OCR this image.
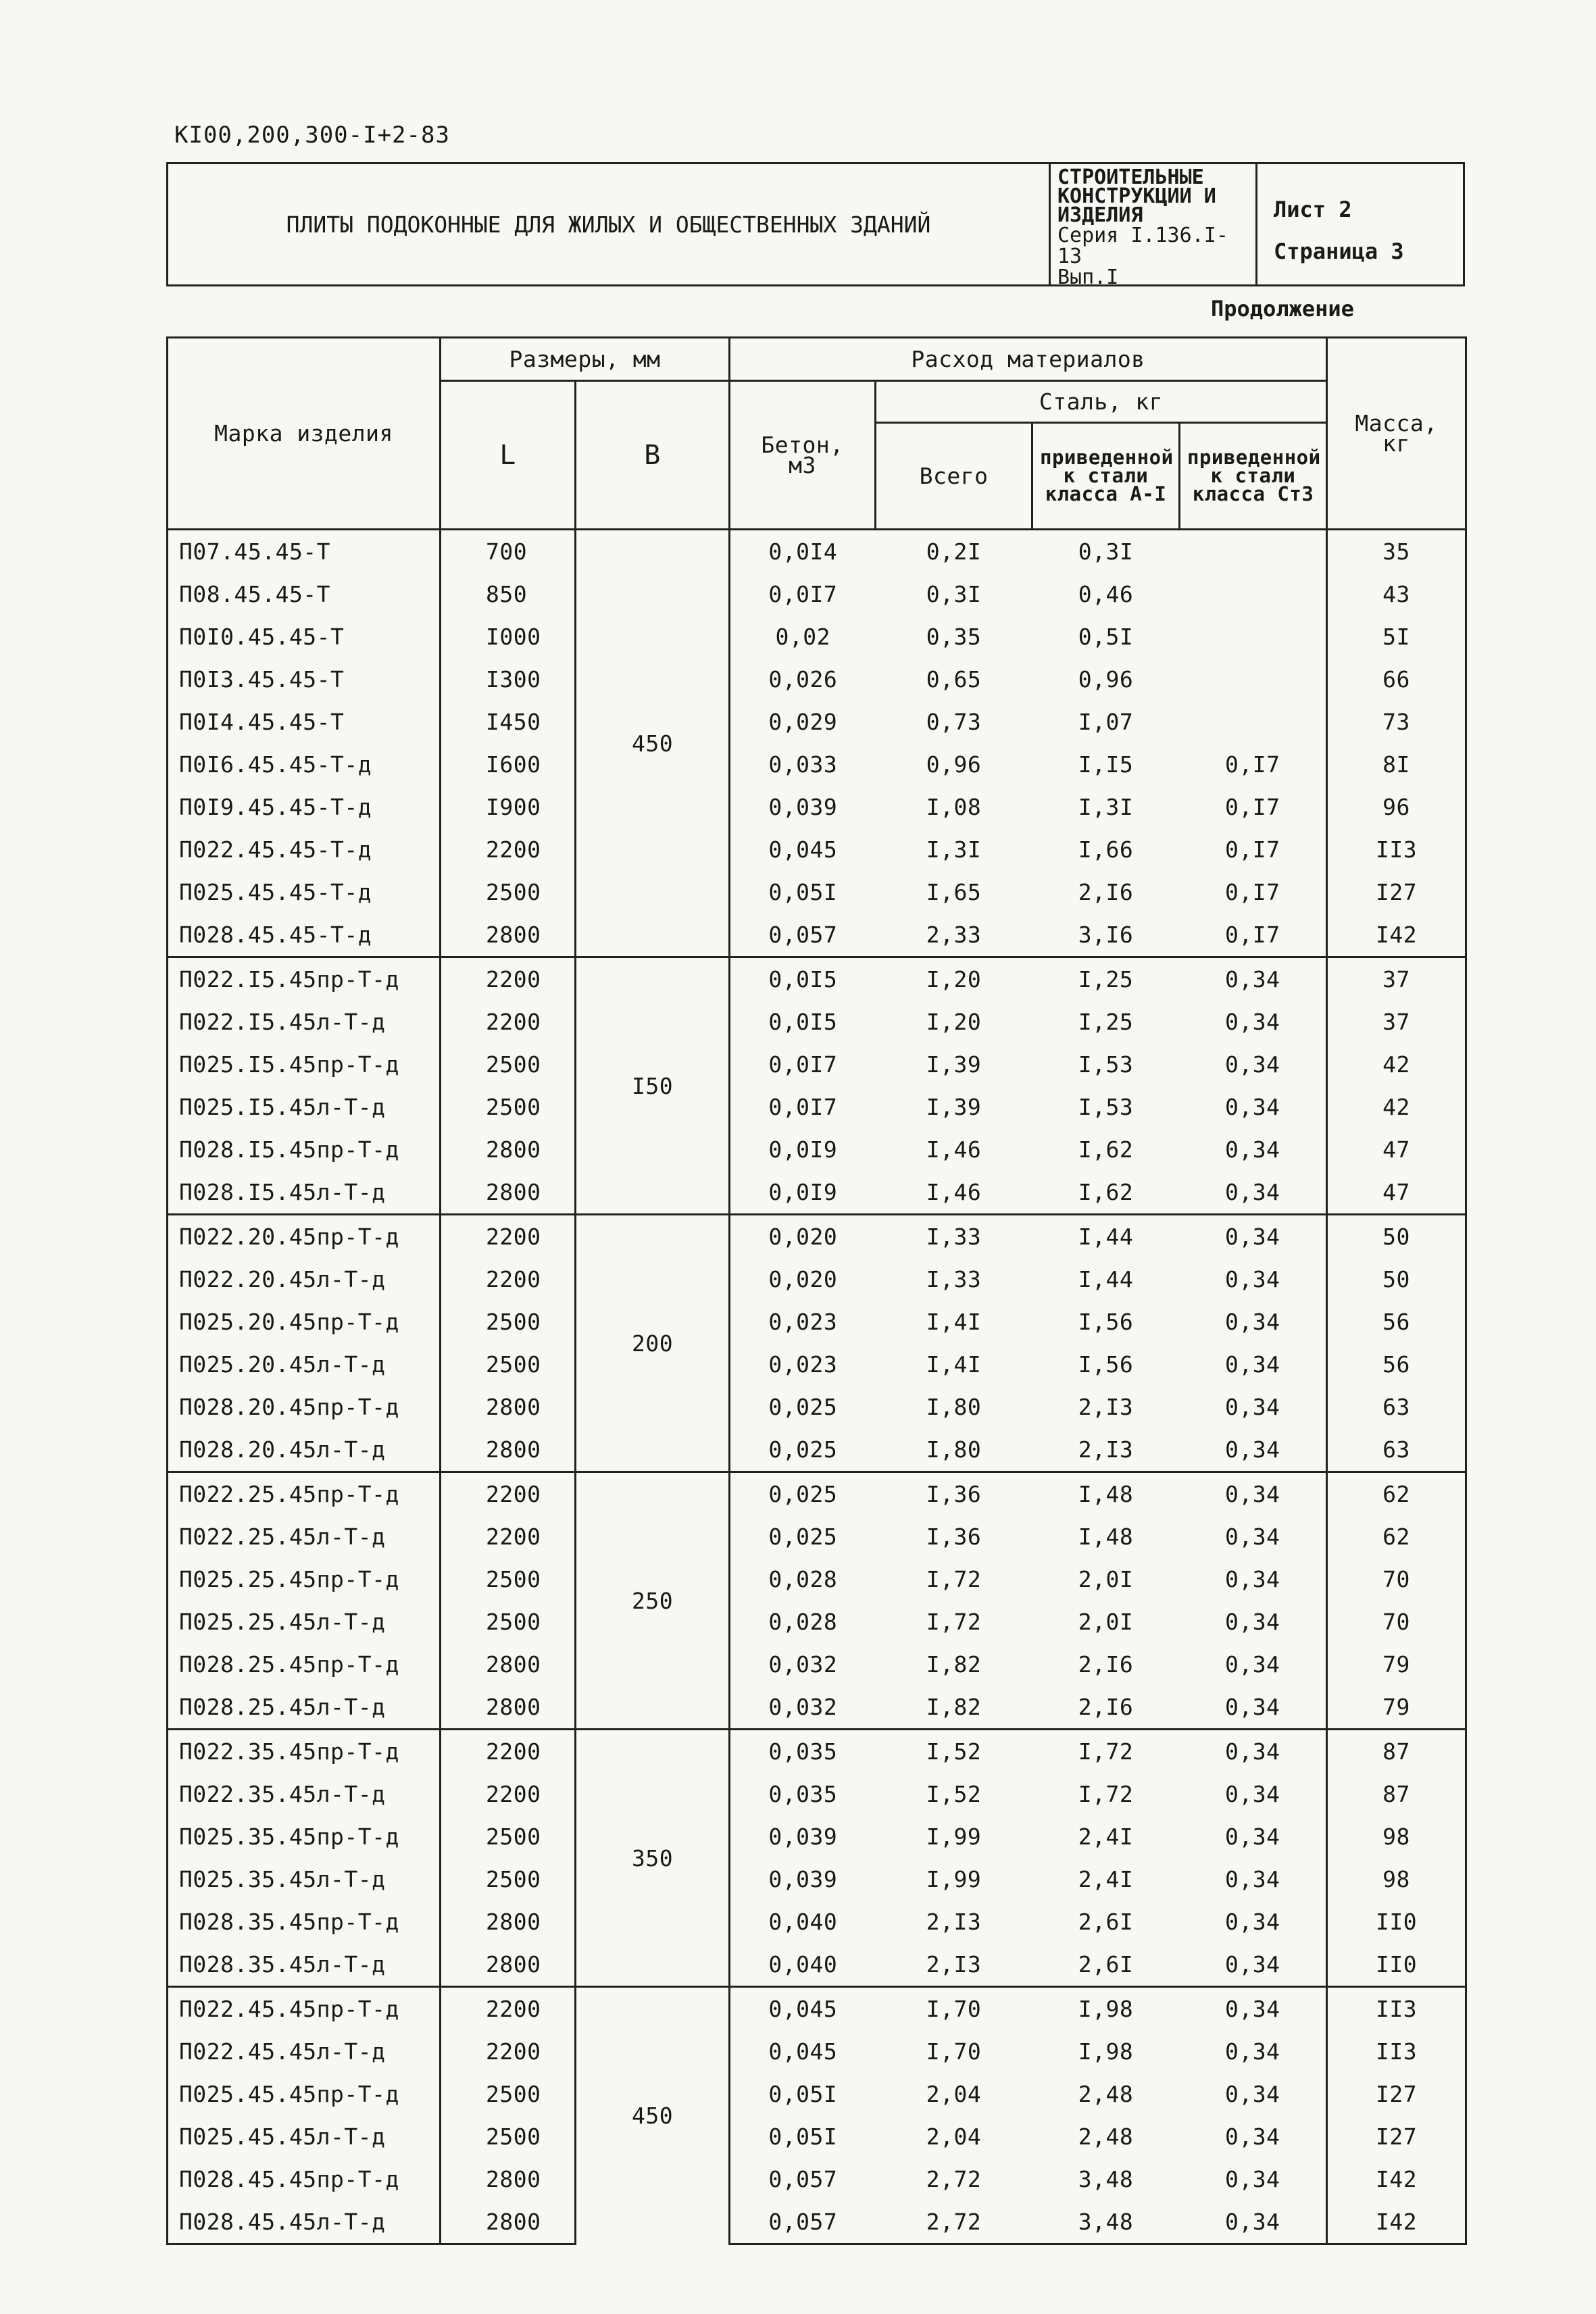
КI00,200,300-I+2-83
ПЛИТЫ ПОДОКОННЫЕ ДЛЯ ЖИЛЫХ И ОБЩЕСТВЕННЫХ ЗДАНИЙ
СТРОИТЕЛЬНЫЕ КОНСТРУКЦИИ И ИЗДЕЛИЯ
Серия I.136.I-13
Вып.I
Лист 2
Страница 3
Продолжение
Марка изделия	Размеры, мм		Расход материалов				Масса, кг
	L	B	Бетон, м3	Сталь, кг			
				Всего	приведенной к стали класса А-I	приведенной к стали класса Ст3	
П07.45.45-Т	700	450	0,0I4	0,2I	0,3I		35
П08.45.45-Т	850		0,0I7	0,3I	0,46		43
П0I0.45.45-Т	I000		0,02	0,35	0,5I		5I
П0I3.45.45-Т	I300		0,026	0,65	0,96		66
П0I4.45.45-Т	I450		0,029	0,73	I,07		73
П0I6.45.45-Т-д	I600		0,033	0,96	I,I5	0,I7	8I
П0I9.45.45-Т-д	I900		0,039	I,08	I,3I	0,I7	96
П022.45.45-Т-д	2200		0,045	I,3I	I,66	0,I7	II3
П025.45.45-Т-д	2500		0,05I	I,65	2,I6	0,I7	I27
П028.45.45-Т-д	2800		0,057	2,33	3,I6	0,I7	I42
П022.I5.45пр-Т-д	2200	I50	0,0I5	I,20	I,25	0,34	37
П022.I5.45л-Т-д	2200		0,0I5	I,20	I,25	0,34	37
П025.I5.45пр-Т-д	2500		0,0I7	I,39	I,53	0,34	42
П025.I5.45л-Т-д	2500		0,0I7	I,39	I,53	0,34	42
П028.I5.45пр-Т-д	2800		0,0I9	I,46	I,62	0,34	47
П028.I5.45л-Т-д	2800		0,0I9	I,46	I,62	0,34	47
П022.20.45пр-Т-д	2200	200	0,020	I,33	I,44	0,34	50
П022.20.45л-Т-д	2200		0,020	I,33	I,44	0,34	50
П025.20.45пр-Т-д	2500		0,023	I,4I	I,56	0,34	56
П025.20.45л-Т-д	2500		0,023	I,4I	I,56	0,34	56
П028.20.45пр-Т-д	2800		0,025	I,80	2,I3	0,34	63
П028.20.45л-Т-д	2800		0,025	I,80	2,I3	0,34	63
П022.25.45пр-Т-д	2200	250	0,025	I,36	I,48	0,34	62
П022.25.45л-Т-д	2200		0,025	I,36	I,48	0,34	62
П025.25.45пр-Т-д	2500		0,028	I,72	2,0I	0,34	70
П025.25.45л-Т-д	2500		0,028	I,72	2,0I	0,34	70
П028.25.45пр-Т-д	2800		0,032	I,82	2,I6	0,34	79
П028.25.45л-Т-д	2800		0,032	I,82	2,I6	0,34	79
П022.35.45пр-Т-д	2200	350	0,035	I,52	I,72	0,34	87
П022.35.45л-Т-д	2200		0,035	I,52	I,72	0,34	87
П025.35.45пр-Т-д	2500		0,039	I,99	2,4I	0,34	98
П025.35.45л-Т-д	2500		0,039	I,99	2,4I	0,34	98
П028.35.45пр-Т-д	2800		0,040	2,I3	2,6I	0,34	II0
П028.35.45л-Т-д	2800		0,040	2,I3	2,6I	0,34	II0
П022.45.45пр-Т-д	2200	450	0,045	I,70	I,98	0,34	II3
П022.45.45л-Т-д	2200		0,045	I,70	I,98	0,34	II3
П025.45.45пр-Т-д	2500		0,05I	2,04	2,48	0,34	I27
П025.45.45л-Т-д	2500		0,05I	2,04	2,48	0,34	I27
П028.45.45пр-Т-д	2800		0,057	2,72	3,48	0,34	I42
П028.45.45л-Т-д	2800		0,057	2,72	3,48	0,34	I42
